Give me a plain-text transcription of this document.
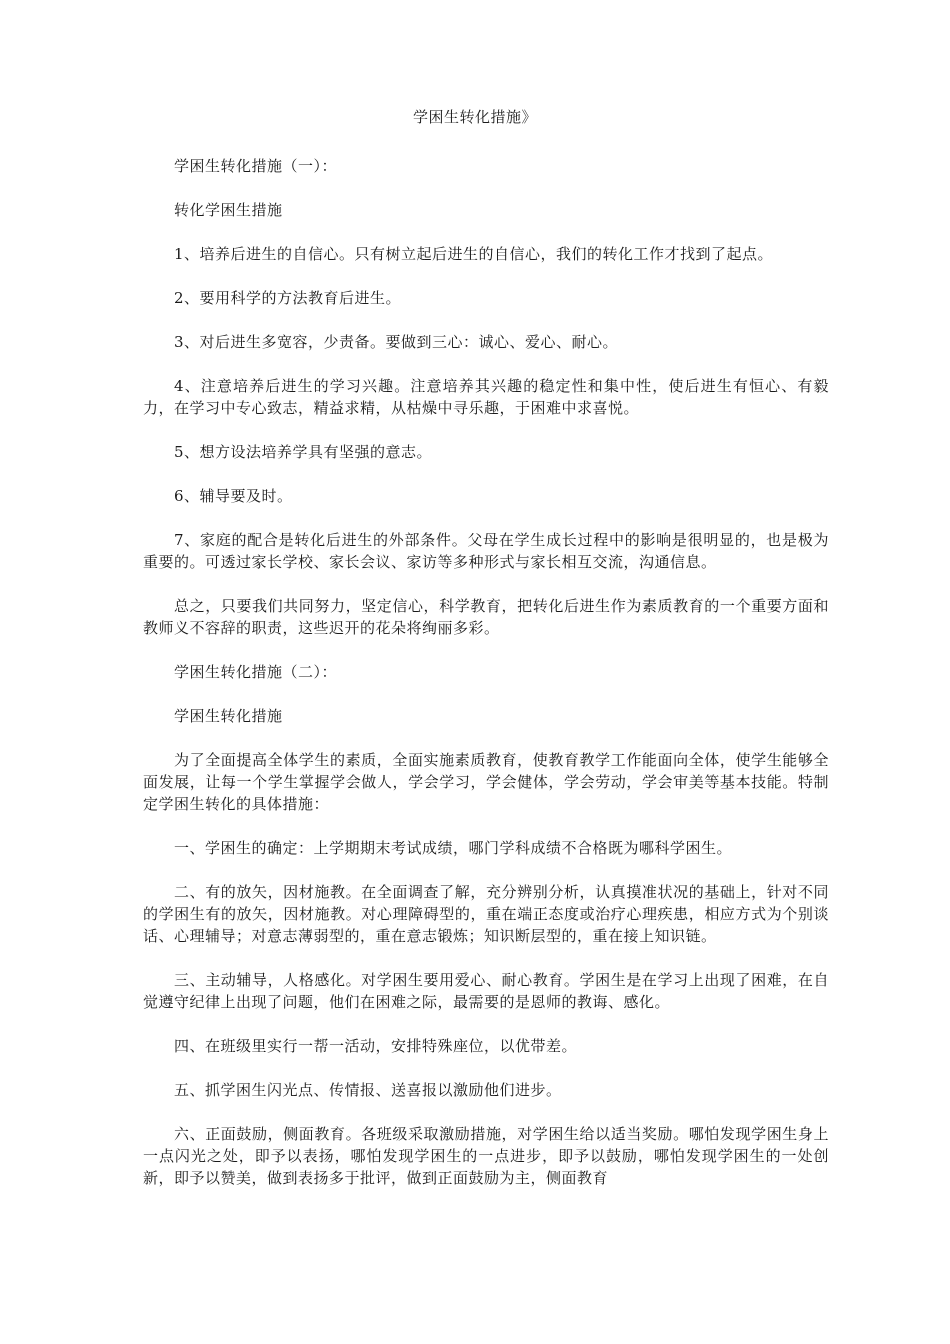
学困生转化措施》

学困生转化措施（一）：

转化学困生措施

1、培养后进生的自信心。只有树立起后进生的自信心，我们的转化工作才找到了起点。

2、要用科学的方法教育后进生。

3、对后进生多宽容，少责备。要做到三心：诚心、爱心、耐心。

4、注意培养后进生的学习兴趣。注意培养其兴趣的稳定性和集中性，使后进生有恒心、有毅力，在学习中专心致志，精益求精，从枯燥中寻乐趣，于困难中求喜悦。

5、想方设法培养学具有坚强的意志。

6、辅导要及时。

7、家庭的配合是转化后进生的外部条件。父母在学生成长过程中的影响是很明显的，也是极为重要的。可透过家长学校、家长会议、家访等多种形式与家长相互交流，沟通信息。

总之，只要我们共同努力，坚定信心，科学教育，把转化后进生作为素质教育的一个重要方面和教师义不容辞的职责，这些迟开的花朵将绚丽多彩。

学困生转化措施（二）：

学困生转化措施

为了全面提高全体学生的素质，全面实施素质教育，使教育教学工作能面向全体，使学生能够全面发展，让每一个学生掌握学会做人，学会学习，学会健体，学会劳动，学会审美等基本技能。特制定学困生转化的具体措施：

一、学困生的确定：上学期期末考试成绩，哪门学科成绩不合格既为哪科学困生。

二、有的放矢，因材施教。在全面调查了解，充分辨别分析，认真摸准状况的基础上，针对不同的学困生有的放矢，因材施教。对心理障碍型的，重在端正态度或治疗心理疾患，相应方式为个别谈话、心理辅导；对意志薄弱型的，重在意志锻炼；知识断层型的，重在接上知识链。

三、主动辅导，人格感化。对学困生要用爱心、耐心教育。学困生是在学习上出现了困难，在自觉遵守纪律上出现了问题，他们在困难之际，最需要的是恩师的教诲、感化。

四、在班级里实行一帮一活动，安排特殊座位，以优带差。

五、抓学困生闪光点、传情报、送喜报以激励他们进步。

六、正面鼓励，侧面教育。各班级采取激励措施，对学困生给以适当奖励。哪怕发现学困生身上一点闪光之处，即予以表扬，哪怕发现学困生的一点进步，即予以鼓励，哪怕发现学困生的一处创新，即予以赞美，做到表扬多于批评，做到正面鼓励为主，侧面教育
